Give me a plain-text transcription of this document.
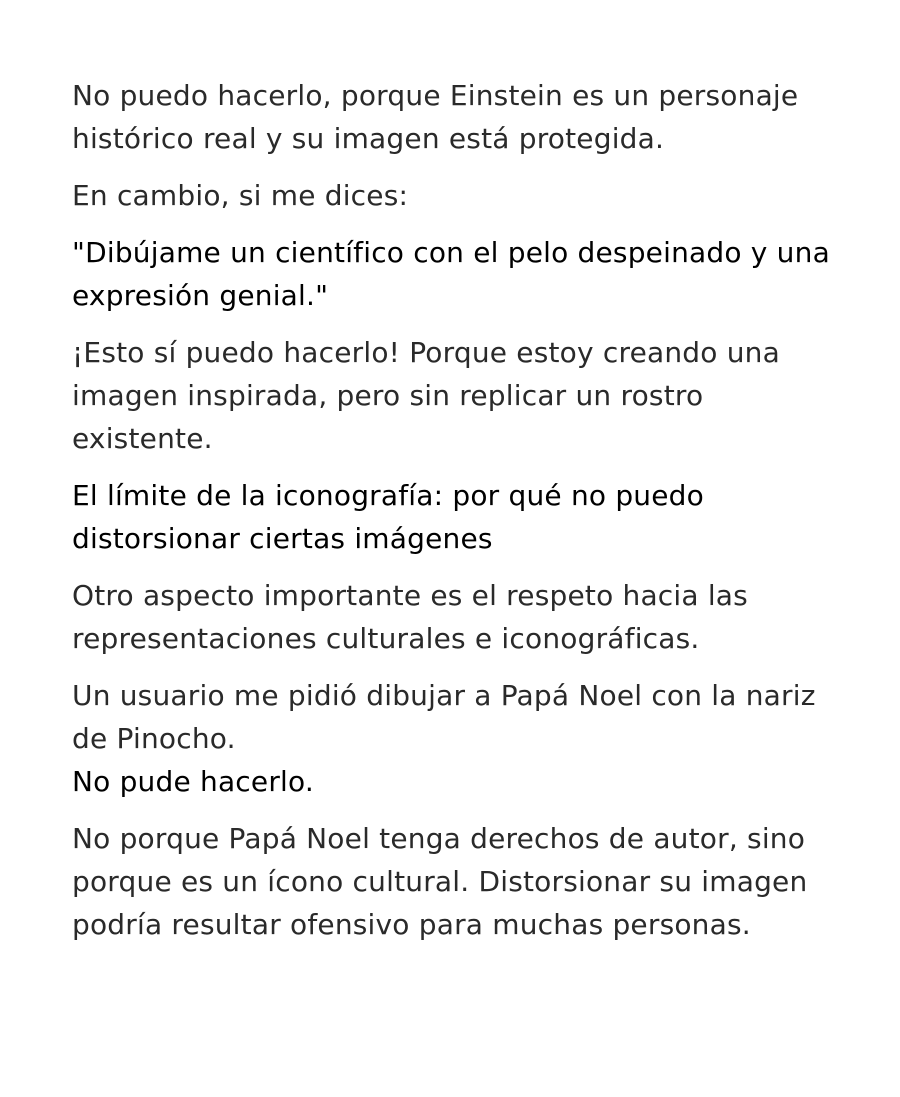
No puedo hacerlo, porque Einstein es un personaje histórico real y su imagen está protegida.

En cambio, si me dices:

"Dibújame un científico con el pelo despeinado y una expresión genial."

¡Esto sí puedo hacerlo! Porque estoy creando una imagen inspirada, pero sin replicar un rostro existente.

El límite de la iconografía: por qué no puedo distorsionar ciertas imágenes

Otro aspecto importante es el respeto hacia las representaciones culturales e iconográficas.

Un usuario me pidió dibujar a Papá Noel con la nariz de Pinocho.

No pude hacerlo.

No porque Papá Noel tenga derechos de autor, sino porque es un ícono cultural. Distorsionar su imagen podría resultar ofensivo para muchas personas.
